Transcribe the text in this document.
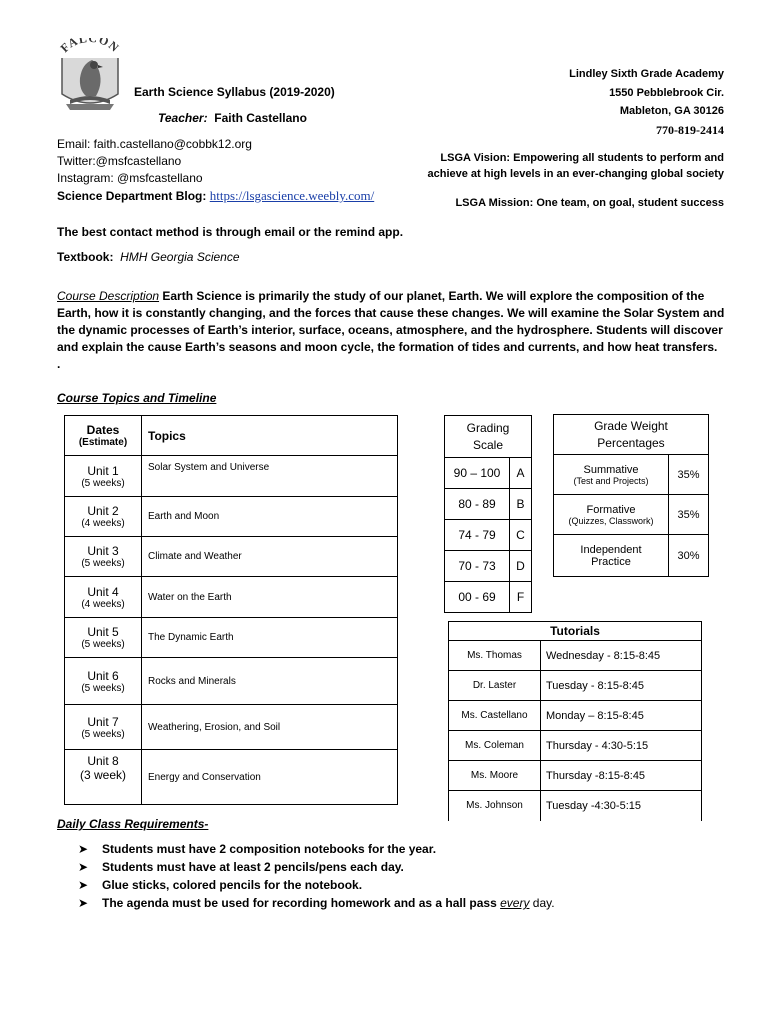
FALCON
Earth Science Syllabus (2019-2020)
Teacher: Faith Castellano
Email: faith.castellano@cobbk12.org
Twitter:@msfcastellano
Instagram: @msfcastellano
Science Department Blog: https://lsgascience.weebly.com/
Lindley Sixth Grade Academy
1550 Pebblebrook Cir.
Mableton, GA 30126
770-819-2414
LSGA Vision: Empowering all students to perform and
achieve at high levels in an ever-changing global society
LSGA Mission: One team, on goal, student success
The best contact method is through email or the remind app.
Textbook: HMH Georgia Science
Course Description Earth Science is primarily the study of our planet, Earth. We will explore the composition of the
Earth, how it is constantly changing, and the forces that cause these changes. We will examine the Solar System and
the dynamic processes of Earth’s interior, surface, oceans, atmosphere, and the hydrosphere. Students will discover
and explain the cause Earth’s seasons and moon cycle, the formation of tides and currents, and how heat transfers.
.
Course Topics and Timeline
Dates
(Estimate)	Topics

Unit 1
(5 weeks)	Solar System and Universe

Unit 2
(4 weeks)	Earth and Moon

Unit 3
(5 weeks)	Climate and Weather

Unit 4
(4 weeks)	Water on the Earth

Unit 5
(5 weeks)	The Dynamic Earth

Unit 6
(5 weeks)	Rocks and Minerals

Unit 7
(5 weeks)	Weathering, Erosion, and Soil

Unit 8
(3 week)	Energy and Conservation
Grading
Scale	

90 – 100	A
80 - 89	B
74 - 79	C
70 - 73	D
00 - 69	F
Grade Weight
Percentages	

Summative
(Test and Projects)	35%

Formative
(Quizzes, Classwork)	35%

Independent
Practice	30%
Tutorials	
Ms. Thomas	Wednesday - 8:15-8:45
Dr. Laster	Tuesday - 8:15-8:45
Ms. Castellano	Monday – 8:15-8:45
Ms. Coleman	Thursday - 4:30-5:15
Ms. Moore	Thursday -8:15-8:45
Ms. Johnson	Tuesday -4:30-5:15
Daily Class Requirements-
➤ Students must have 2 composition notebooks for the year.
➤ Students must have at least 2 pencils/pens each day.
➤ Glue sticks, colored pencils for the notebook.
➤ The agenda must be used for recording homework and as a hall pass every day.
